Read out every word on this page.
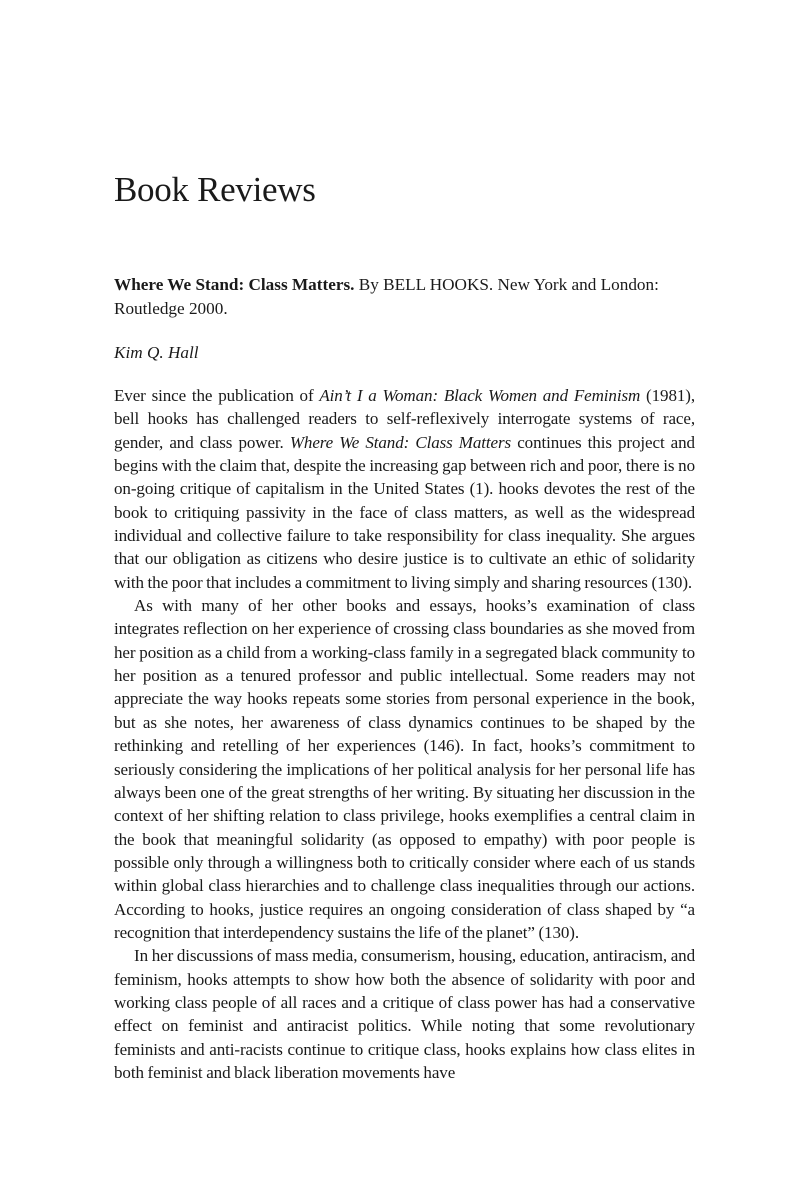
Book Reviews

Where We Stand: Class Matters. By BELL HOOKS. New York and London: Routledge 2000.

Kim Q. Hall

Ever since the publication of Ain’t I a Woman: Black Women and Feminism (1981), bell hooks has challenged readers to self-reflexively interrogate systems of race, gender, and class power. Where We Stand: Class Matters continues this project and begins with the claim that, despite the increasing gap between rich and poor, there is no on-going critique of capitalism in the United States (1). hooks devotes the rest of the book to critiquing passivity in the face of class matters, as well as the widespread individual and collective failure to take responsibility for class inequality. She argues that our obligation as citizens who desire justice is to cultivate an ethic of solidarity with the poor that includes a commitment to living simply and sharing resources (130).

As with many of her other books and essays, hooks’s examination of class integrates reflection on her experience of crossing class boundaries as she moved from her position as a child from a working-class family in a segregated black community to her position as a tenured professor and public intellectual. Some readers may not appreciate the way hooks repeats some stories from personal experience in the book, but as she notes, her awareness of class dynamics continues to be shaped by the rethinking and retelling of her experiences (146). In fact, hooks’s commitment to seriously considering the implications of her political analysis for her personal life has always been one of the great strengths of her writing. By situating her discussion in the context of her shifting relation to class privilege, hooks exemplifies a central claim in the book that meaningful solidarity (as opposed to empathy) with poor people is possible only through a willingness both to critically consider where each of us stands within global class hierarchies and to challenge class inequalities through our actions. According to hooks, justice requires an ongoing consideration of class shaped by “a recognition that interdependency sustains the life of the planet” (130).

In her discussions of mass media, consumerism, housing, education, antiracism, and feminism, hooks attempts to show how both the absence of solidarity with poor and working class people of all races and a critique of class power has had a conservative effect on feminist and antiracist politics. While noting that some revolutionary feminists and anti-racists continue to critique class, hooks explains how class elites in both feminist and black liberation movements have
